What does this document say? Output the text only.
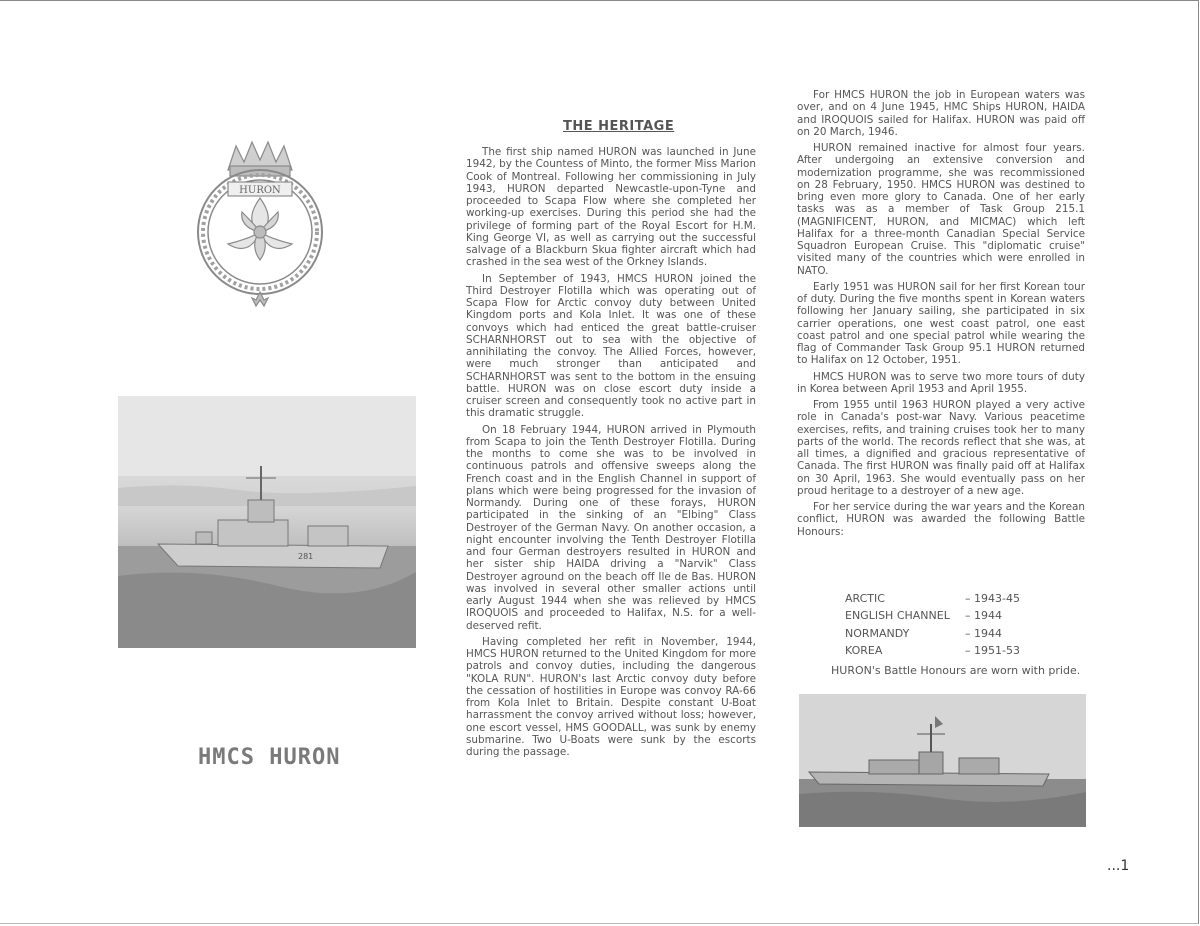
HURON
281
HMCS HURON
THE HERITAGE

The first ship named HURON was launched in June 1942, by the Countess of Minto, the former Miss Marion Cook of Montreal. Following her commissioning in July 1943, HURON departed Newcastle-upon-Tyne and proceeded to Scapa Flow where she completed her working-up exercises. During this period she had the privilege of forming part of the Royal Escort for H.M. King George VI, as well as carrying out the successful salvage of a Blackburn Skua fighter aircraft which had crashed in the sea west of the Orkney Islands.

In September of 1943, HMCS HURON joined the Third Destroyer Flotilla which was operating out of Scapa Flow for Arctic convoy duty between United Kingdom ports and Kola Inlet. It was one of these convoys which had enticed the great battle-cruiser SCHARNHORST out to sea with the objective of annihilating the convoy. The Allied Forces, however, were much stronger than anticipated and SCHARNHORST was sent to the bottom in the ensuing battle. HURON was on close escort duty inside a cruiser screen and consequently took no active part in this dramatic struggle.

On 18 February 1944, HURON arrived in Plymouth from Scapa to join the Tenth Destroyer Flotilla. During the months to come she was to be involved in continuous patrols and offensive sweeps along the French coast and in the English Channel in support of plans which were being progressed for the invasion of Normandy. During one of these forays, HURON participated in the sinking of an "Elbing" Class Destroyer of the German Navy. On another occasion, a night encounter involving the Tenth Destroyer Flotilla and four German destroyers resulted in HURON and her sister ship HAIDA driving a "Narvik" Class Destroyer aground on the beach off Ile de Bas. HURON was involved in several other smaller actions until early August 1944 when she was relieved by HMCS IROQUOIS and proceeded to Halifax, N.S. for a well-deserved refit.

Having completed her refit in November, 1944, HMCS HURON returned to the United Kingdom for more patrols and convoy duties, including the dangerous "KOLA RUN". HURON's last Arctic convoy duty before the cessation of hostilities in Europe was convoy RA-66 from Kola Inlet to Britain. Despite constant U-Boat harrassment the convoy arrived without loss; however, one escort vessel, HMS GOODALL, was sunk by enemy submarine. Two U-Boats were sunk by the escorts during the passage.

For HMCS HURON the job in European waters was over, and on 4 June 1945, HMC Ships HURON, HAIDA and IROQUOIS sailed for Halifax. HURON was paid off on 20 March, 1946.

HURON remained inactive for almost four years. After undergoing an extensive conversion and modernization programme, she was recommissioned on 28 February, 1950. HMCS HURON was destined to bring even more glory to Canada. One of her early tasks was as a member of Task Group 215.1 (MAGNIFICENT, HURON, and MICMAC) which left Halifax for a three-month Canadian Special Service Squadron European Cruise. This "diplomatic cruise" visited many of the countries which were enrolled in NATO.

Early 1951 was HURON sail for her first Korean tour of duty. During the five months spent in Korean waters following her January sailing, she participated in six carrier operations, one west coast patrol, one east coast patrol and one special patrol while wearing the flag of Commander Task Group 95.1 HURON returned to Halifax on 12 October, 1951.

HMCS HURON was to serve two more tours of duty in Korea between April 1953 and April 1955.

From 1955 until 1963 HURON played a very active role in Canada's post-war Navy. Various peacetime exercises, refits, and training cruises took her to many parts of the world. The records reflect that she was, at all times, a dignified and gracious representative of Canada. The first HURON was finally paid off at Halifax on 30 April, 1963. She would eventually pass on her proud heritage to a destroyer of a new age.

For her service during the war years and the Korean conflict, HURON was awarded the following Battle Honours:

ARCTIC	– 1943-45
ENGLISH CHANNEL	– 1944
NORMANDY	– 1944
KOREA	– 1951-53
HURON's Battle Honours are worn with pride.
...1
